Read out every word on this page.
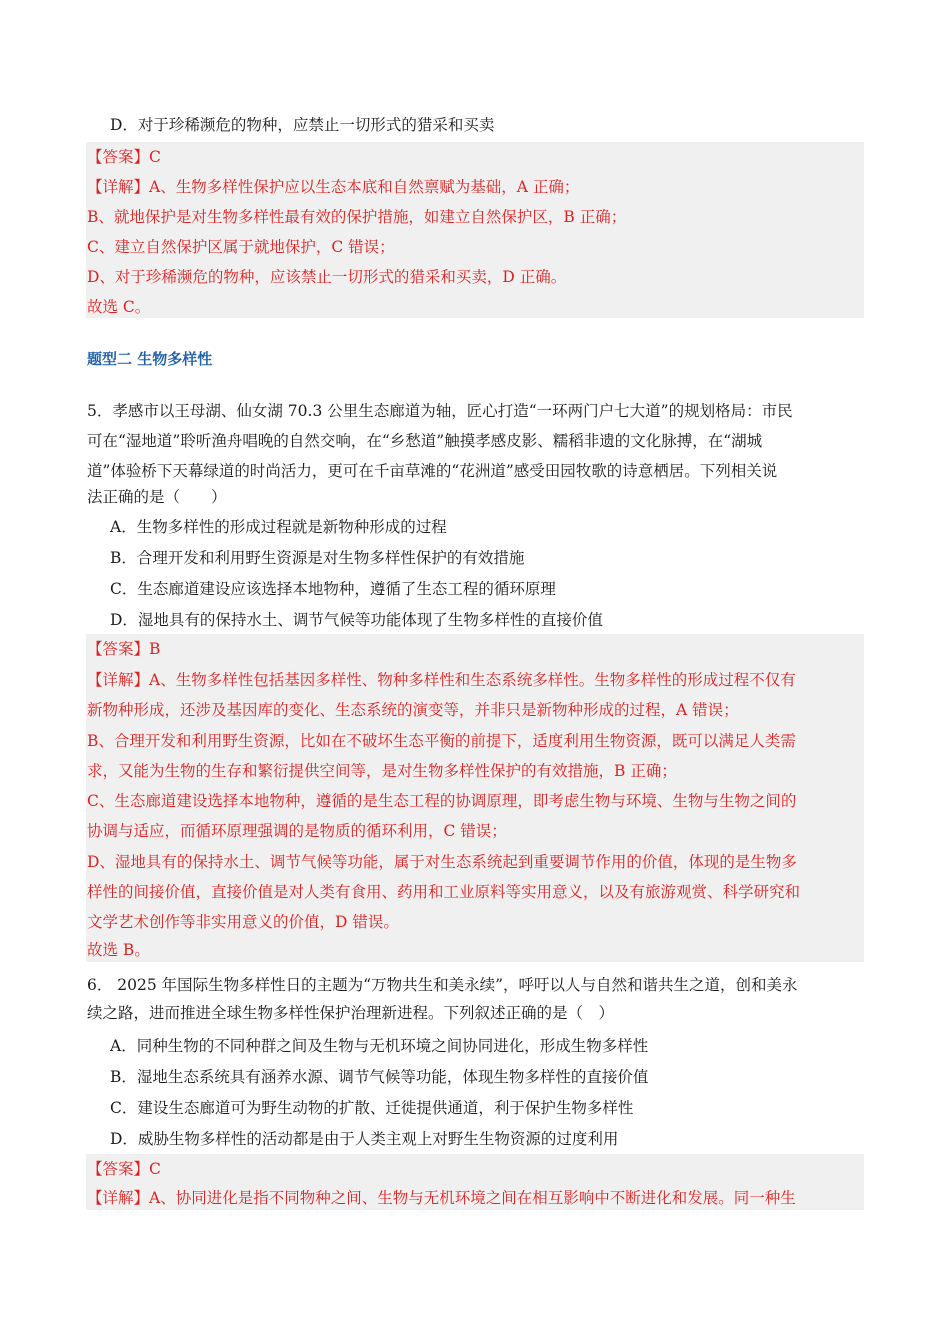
D．对于珍稀濒危的物种，应禁止一切形式的猎采和买卖
【答案】C
【详解】A、生物多样性保护应以生态本底和自然禀赋为基础，A 正确；
B、就地保护是对生物多样性最有效的保护措施，如建立自然保护区，B 正确；
C、建立自然保护区属于就地保护，C 错误；
D、对于珍稀濒危的物种，应该禁止一切形式的猎采和买卖，D 正确。
故选 C。
题型二 生物多样性
5．孝感市以王母湖、仙女湖 70.3 公里生态廊道为轴，匠心打造“一环两门户七大道”的规划格局：市民
可在“湿地道”聆听渔舟唱晚的自然交响，在“乡愁道”触摸孝感皮影、糯稻非遗的文化脉搏，在“湖城
道”体验桥下天幕绿道的时尚活力，更可在千亩草滩的“花洲道”感受田园牧歌的诗意栖居。下列相关说
法正确的是（　　）
A．生物多样性的形成过程就是新物种形成的过程
B．合理开发和利用野生资源是对生物多样性保护的有效措施
C．生态廊道建设应该选择本地物种，遵循了生态工程的循环原理
D．湿地具有的保持水土、调节气候等功能体现了生物多样性的直接价值
【答案】B
【详解】A、生物多样性包括基因多样性、物种多样性和生态系统多样性。生物多样性的形成过程不仅有
新物种形成，还涉及基因库的变化、生态系统的演变等，并非只是新物种形成的过程，A 错误；
B、合理开发和利用野生资源，比如在不破坏生态平衡的前提下，适度利用生物资源，既可以满足人类需
求，又能为生物的生存和繁衍提供空间等，是对生物多样性保护的有效措施，B 正确；
C、生态廊道建设选择本地物种，遵循的是生态工程的协调原理，即考虑生物与环境、生物与生物之间的
协调与适应，而循环原理强调的是物质的循环利用，C 错误；
D、湿地具有的保持水土、调节气候等功能，属于对生态系统起到重要调节作用的价值，体现的是生物多
样性的间接价值，直接价值是对人类有食用、药用和工业原料等实用意义，以及有旅游观赏、科学研究和
文学艺术创作等非实用意义的价值，D 错误。
故选 B。
6． 2025 年国际生物多样性日的主题为“万物共生和美永续”，呼吁以人与自然和谐共生之道，创和美永
续之路，进而推进全球生物多样性保护治理新进程。下列叙述正确的是（　）
A．同种生物的不同种群之间及生物与无机环境之间协同进化，形成生物多样性
B．湿地生态系统具有涵养水源、调节气候等功能，体现生物多样性的直接价值
C．建设生态廊道可为野生动物的扩散、迁徙提供通道，利于保护生物多样性
D．威胁生物多样性的活动都是由于人类主观上对野生生物资源的过度利用
【答案】C
【详解】A、协同进化是指不同物种之间、生物与无机环境之间在相互影响中不断进化和发展。同一种生
